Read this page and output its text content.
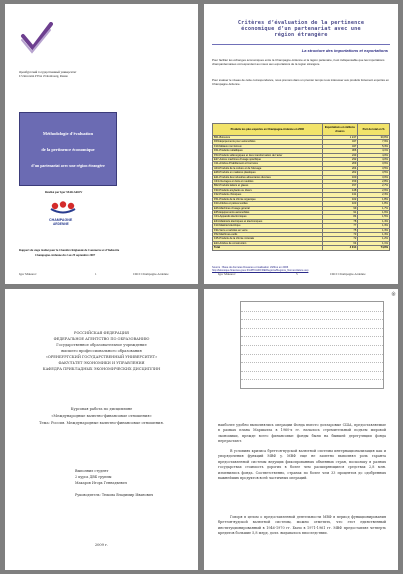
Оренбургский государственный университет
L’Université d’Etat d’Orenbourg, Russie
Méthodologie d’évaluation
de la pertinence économique
d’un partenariat avec une région étrangère
Réalisé par Igor MAKAROV
CHAMPAGNE
ARDENNE
Rapport de stage réalisé pour la Chambre Régionale de Commerce et d’Industrie
Champagne-Ardenne du 2 au 29 septembre 2007
Igor Makarov	1	CRCI Champagne-Ardenne
Critères d’évaluation de la pertinence
économique d’un partenariat avec une
région étrangère
La structure des importations et exportations
Pour faciliter les échanges économiques entre la Champagne-Ardenne et la région partenaire, il est indispensable que les importations champardennaises correspondent au mieux aux exportations de la région étrangère.
Pour évaluer le niveau de cette correspondance, nous prenons dans un premier temps nous intéresser aux produits fortement exportés en Champagne-Ardenne.
Produits les plus exportés en Champagne-Ardenne en 2006	Exportations en millions d’euros	Part du total en %
B01-Boissons	1 247	30,8%
D03-Equipements pour automobiles	437	7,9%
F10-Métaux non ferreux	437	5,3%
F61-Produits métalliques	306	4,1%
F53-Produits sidérurgiques et 1ère transformation de l’acier	243	4,0%
E27-Autres machines d’usage spécifique	232	4,0%
C11-Articles d’habillement et fourrures	209	3,6%
A04-Produits de la culture et de l’élevage	204	3,5%
E28-Produits en matières plastiques	202	3,5%
E21-Produits des industries alimentaires diverses	160	3,0%
C43-Ouvrages en bois et meubles	159	2,8%
B02-Produits laitiers et glaces	157	2,7%
F33-Produits amylacés ou divers	148	2,6%
F32-Produits chimiques	131	2,3%
F51-Produits de la chimie organique	102	1,8%
F23-Articles et pièces textiles	103	1,8%
E26-Machines d’usage général	99	1,7%
E35-Equipements automobiles	91	1,6%
C31-Appareils électroniques	84	1,5%
E34-Matériels électriques et électroniques	78	1,4%
F13-Matériel électrique	77	1,3%
F34-Verre et articles en verre	75	1,3%
F52-Machines-outils	73	1,3%
F45-Produits de la chimie minérale	72	1,2%
E23-Articles de construction	64	1,1%
Total	4 014	74,8%
Source : Base de données Douanes et réalisation chiffres en 2006
http://lekiosque.finances.gouv.fr/APPCHIFFRE/Regions/Regions_Nomenclature.asp
Igor Makarov	5	CRCI Champagne-Ardenne
РОССИЙСКАЯ ФЕДЕРАЦИЯ
ФЕДЕРАЛЬНОЕ АГЕНТСТВО ПО ОБРАЗОВАНИЮ
Государственное образовательное учреждение
высшего профессионального образования
«ОРЕНБУРГСКИЙ ГОСУДАРСТВЕННЫЙ УНИВЕРСИТЕТ»
ФАКУЛЬТЕТ ЭКОНОМИКИ И УПРАВЛЕНИЯ
КАФЕДРА ПРИКЛАДНЫХ ЭКОНОМИЧЕСКИХ ДИСЦИПЛИН
Курсовая работа по дисциплине
«Международные валютно-финансовые отношения»
Тема: Россия. Международные валютно-финансовые отношения.
Выполнил студент
2 курса ДВБ группы
Макаров Игорь Геннадьевич
Руководитель: Тюкова Владимир Иванович
2009 г.
※
наиболее удобно выполнялись операции Фонда вместо долларовые США, предоставляемые в рамках плана Маршалла в 1960-х гг. началось стремительный подъем мировой экономики, прежде всего финансовые фонды были на бывшей дерегуляции фонда перерастают.
В условиях кризиса бреттон-вудской валютной системы интернационализация как и упорядочения функций МВФ у. МВФ еще не заметно выполнял роль гаранта предоставленной системы ведущих фиксированных обменных стран, поскольку в разных государствах стоимость дорогих в более чем расширяющиеся средствах 2,8 млн. изменились фонда. Соответственно, странах по более чем 33 процентов до одобренных важнейших продуктов всей частичных операций.
Говоря в целом о предоставленной деятельности МВФ в период функционирования бреттон-вудской валютной системы, можно отметить, что этот единственный институционированный в 1946-1970 гг. Было в 1971-1961 гг. МВФ предоставлял четверть кредитов большие 5,8 млрд. долл. выдавалось впоследствии.
